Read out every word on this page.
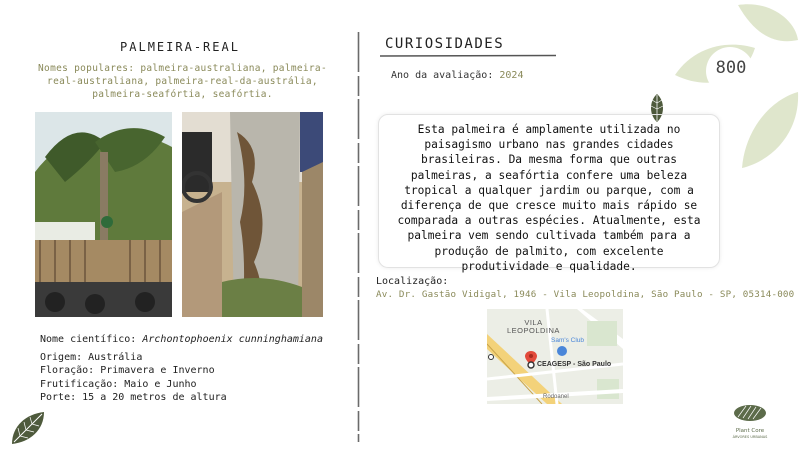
800
PALMEIRA-REAL
Nomes populares: palmeira-australiana, palmeira-real-australiana, palmeira-real-da-austrália, palmeira-seafórtia, seafórtia.
Nome científico: Archontophoenix cunninghamiana
Origem: Austrália
Floração: Primavera e Inverno
Frutificação: Maio e Junho
Porte: 15 a 20 metros de altura
CURIOSIDADES
Ano da avaliação: 2024

Esta palmeira é amplamente utilizada no paisagismo urbano nas grandes cidades brasileiras. Da mesma forma que outras palmeiras, a seafórtia confere uma beleza tropical a qualquer jardim ou parque, com a diferença de que cresce muito mais rápido se comparada a outras espécies. Atualmente, esta palmeira vem sendo cultivada também para a produção de palmito, com excelente produtividade e qualidade.

Localização:
Av. Dr. Gastão Vidigal, 1946 - Vila Leopoldina, São Paulo - SP, 05314-000
VILA
LEOPOLDINA
Sam's Club
CEAGESP - São Paulo
Rodoanel
Plant Core
ÁRVORES URBANAS
